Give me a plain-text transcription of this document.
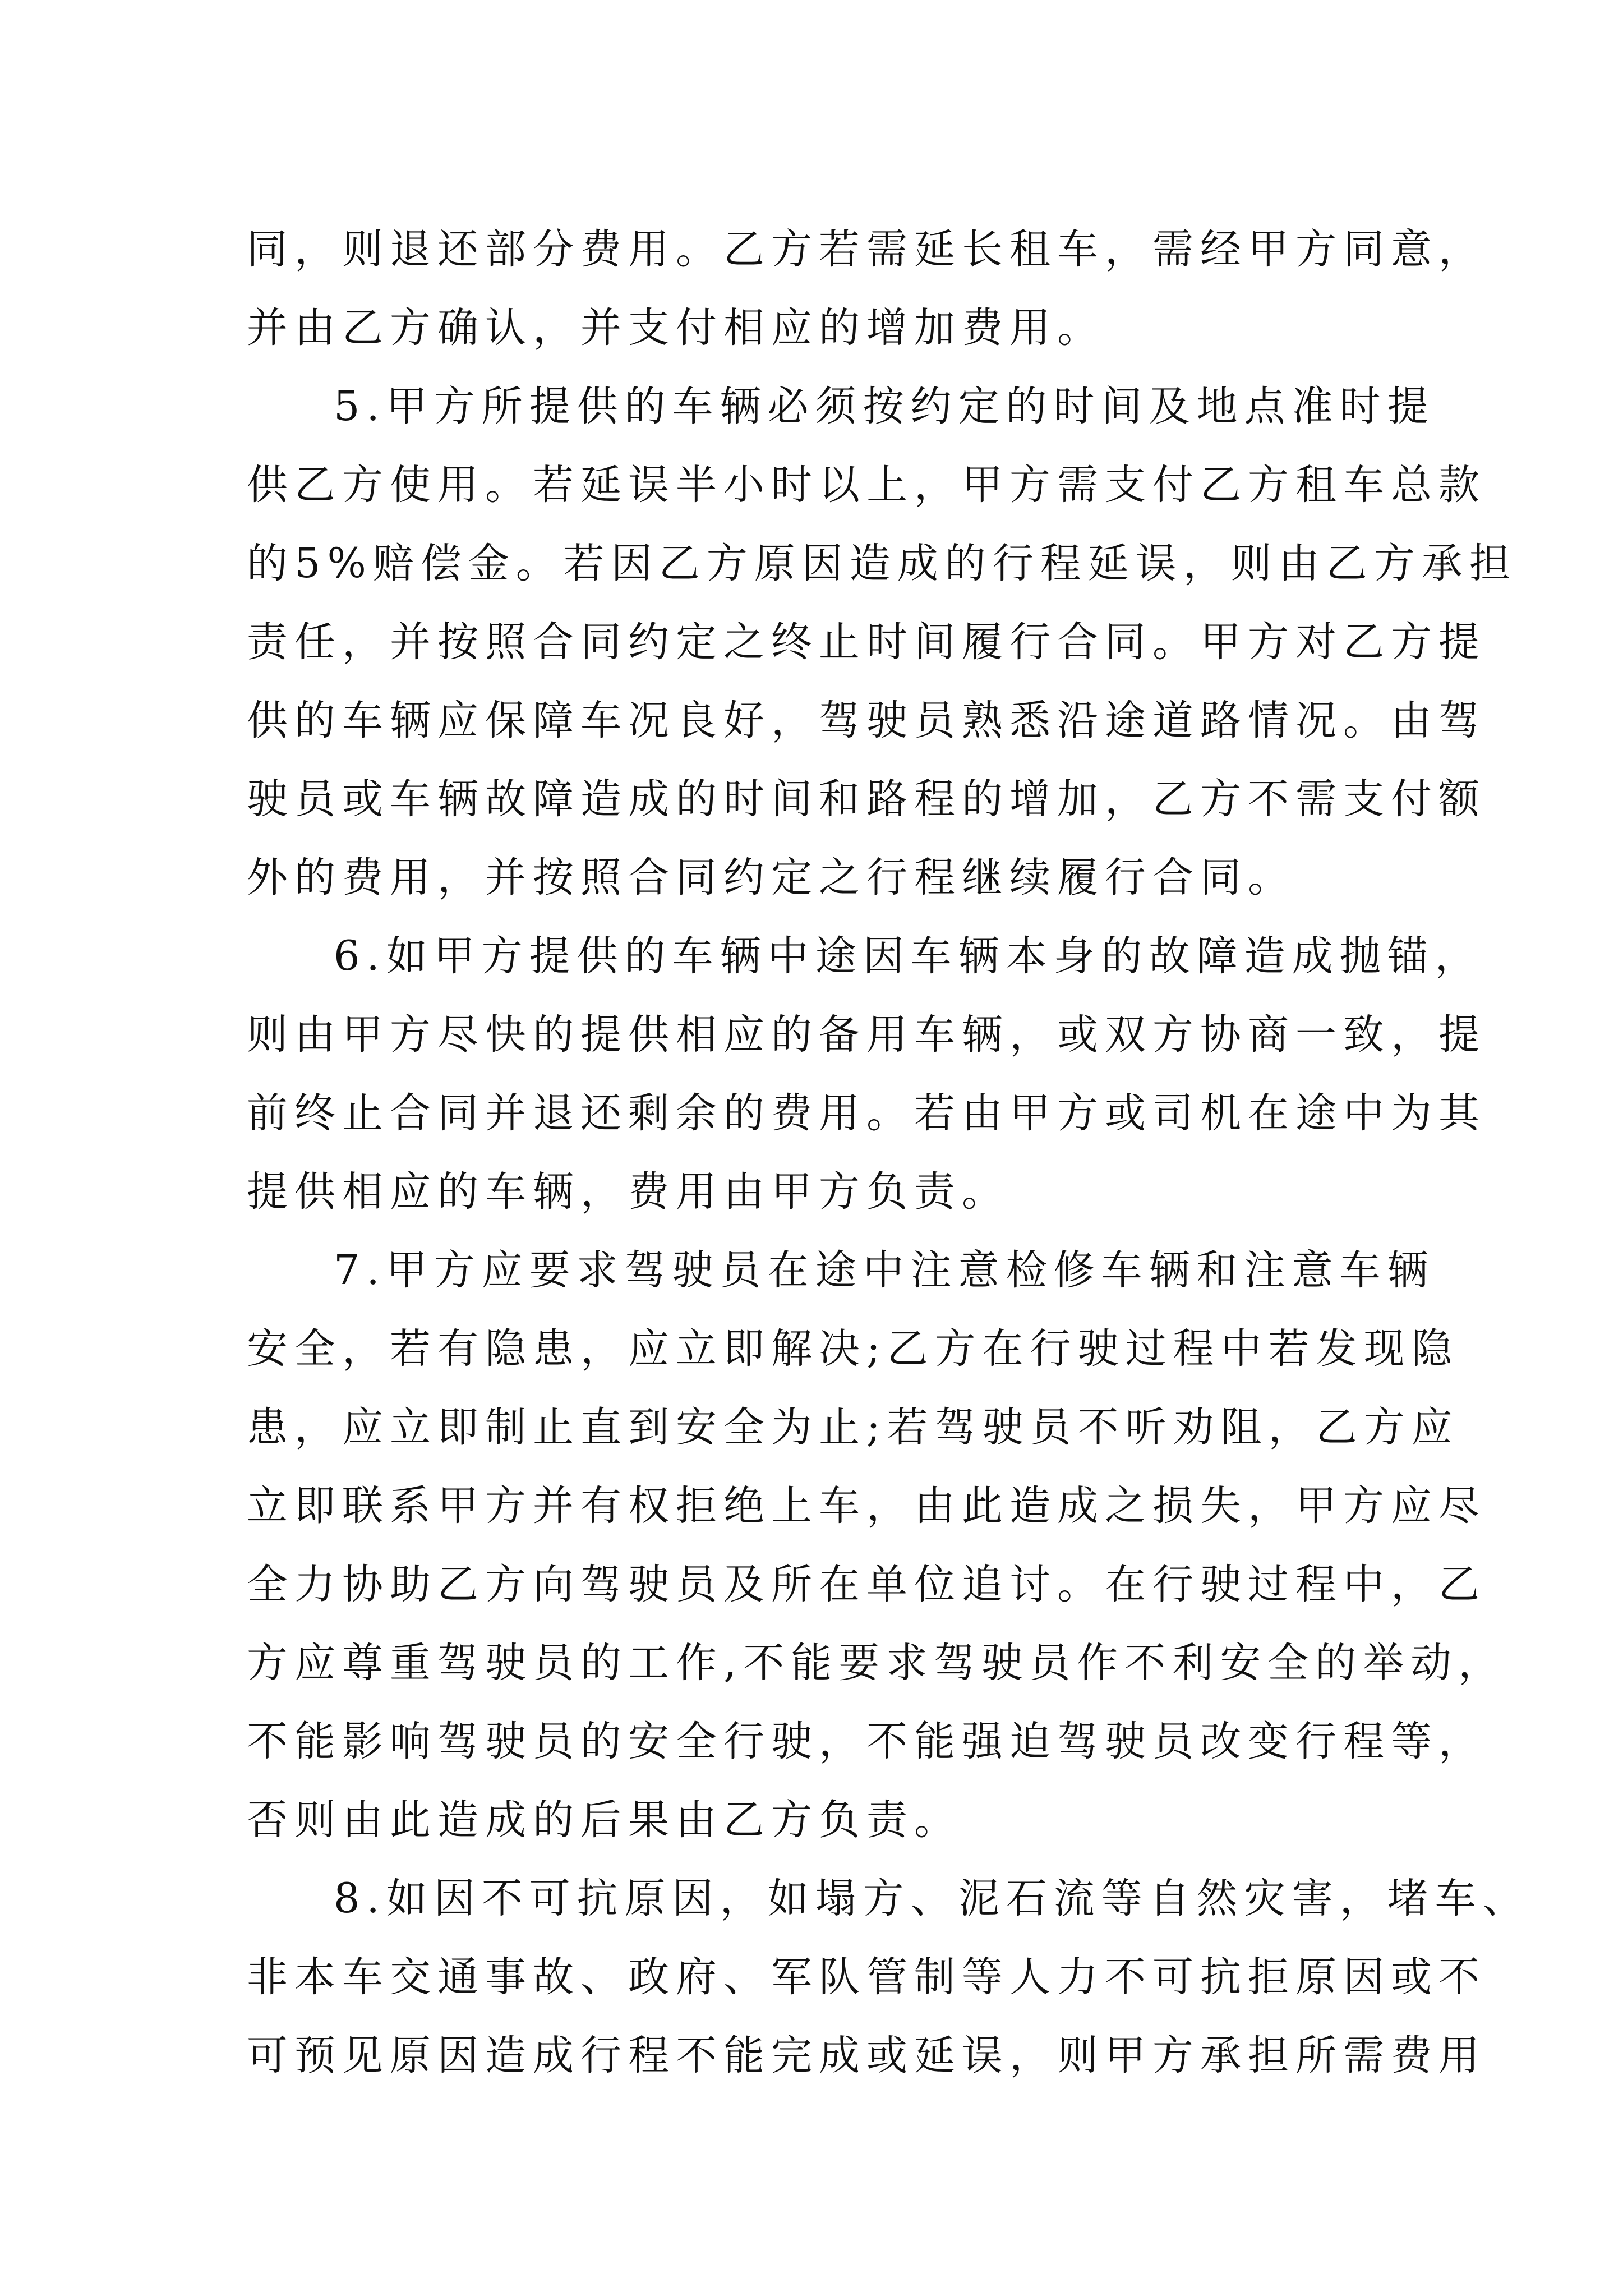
同，则退还部分费用。乙方若需延长租车，需经甲方同意，
并由乙方确认，并支付相应的增加费用。
5.甲方所提供的车辆必须按约定的时间及地点准时提
供乙方使用。若延误半小时以上，甲方需支付乙方租车总款
的5%赔偿金。若因乙方原因造成的行程延误，则由乙方承担
责任，并按照合同约定之终止时间履行合同。甲方对乙方提
供的车辆应保障车况良好，驾驶员熟悉沿途道路情况。由驾
驶员或车辆故障造成的时间和路程的增加，乙方不需支付额
外的费用，并按照合同约定之行程继续履行合同。
6.如甲方提供的车辆中途因车辆本身的故障造成抛锚，
则由甲方尽快的提供相应的备用车辆，或双方协商一致，提
前终止合同并退还剩余的费用。若由甲方或司机在途中为其
提供相应的车辆，费用由甲方负责。
7.甲方应要求驾驶员在途中注意检修车辆和注意车辆
安全，若有隐患，应立即解决;乙方在行驶过程中若发现隐
患，应立即制止直到安全为止;若驾驶员不听劝阻，乙方应
立即联系甲方并有权拒绝上车，由此造成之损失，甲方应尽
全力协助乙方向驾驶员及所在单位追讨。在行驶过程中，乙
方应尊重驾驶员的工作,不能要求驾驶员作不利安全的举动，
不能影响驾驶员的安全行驶，不能强迫驾驶员改变行程等，
否则由此造成的后果由乙方负责。
8.如因不可抗原因，如塌方、泥石流等自然灾害，堵车、
非本车交通事故、政府、军队管制等人力不可抗拒原因或不
可预见原因造成行程不能完成或延误，则甲方承担所需费用
